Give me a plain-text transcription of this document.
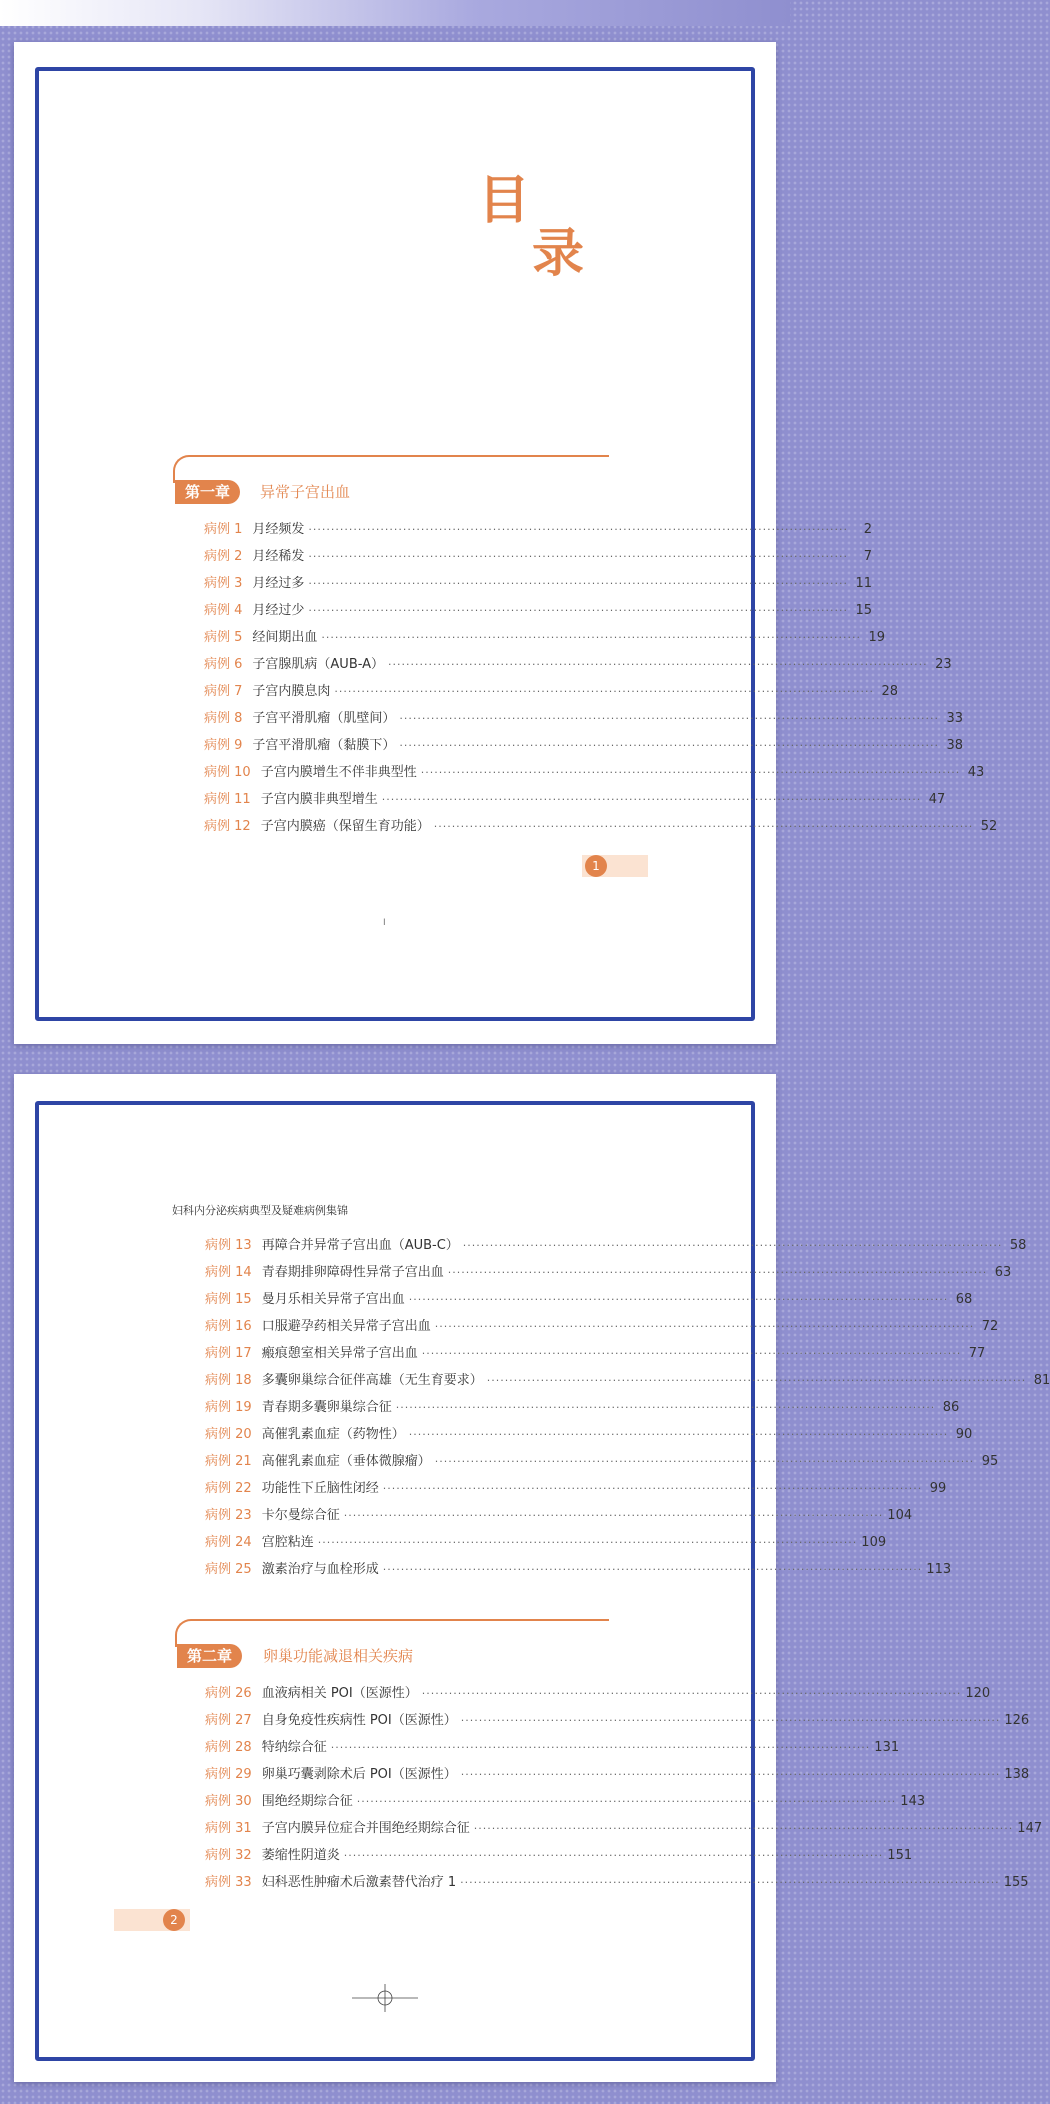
目
录
第一章	异常子宫出血
病例 1 月经频发 ························································································································	2
病例 2 月经稀发 ························································································································	7
病例 3 月经过多 ························································································································ 11
病例 4 月经过少 ························································································································ 15
病例 5 经间期出血 ························································································································ 19
病例 6 子宫腺肌病（AUB-A） ························································································································ 23
病例 7 子宫内膜息肉 ························································································································ 28
病例 8 子宫平滑肌瘤（肌壁间） ························································································································ 33
病例 9 子宫平滑肌瘤（黏膜下） ························································································································ 38
病例 10 子宫内膜增生不伴非典型性 ························································································································ 43
病例 11 子宫内膜非典型增生 ························································································································ 47
病例 12 子宫内膜癌（保留生育功能） ························································································································ 52
1
I
妇科内分泌疾病典型及疑难病例集锦
病例 13 再障合并异常子宫出血（AUB-C） ························································································································ 58
病例 14 青春期排卵障碍性异常子宫出血 ························································································································ 63
病例 15 曼月乐相关异常子宫出血 ························································································································ 68
病例 16 口服避孕药相关异常子宫出血 ························································································································ 72
病例 17 瘢痕憩室相关异常子宫出血 ························································································································ 77
病例 18 多囊卵巢综合征伴高雄（无生育要求） ························································································································ 81
病例 19 青春期多囊卵巢综合征 ························································································································ 86
病例 20 高催乳素血症（药物性） ························································································································ 90
病例 21 高催乳素血症（垂体微腺瘤） ························································································································ 95
病例 22 功能性下丘脑性闭经 ························································································································ 99
病例 23 卡尔曼综合征 ························································································································ 104
病例 24 宫腔粘连 ························································································································ 109
病例 25 激素治疗与血栓形成 ························································································································ 113
第二章	卵巢功能减退相关疾病
病例 26 血液病相关 POI（医源性） ························································································································ 120
病例 27 自身免疫性疾病性 POI（医源性） ························································································································ 126
病例 28 特纳综合征 ························································································································ 131
病例 29 卵巢巧囊剥除术后 POI（医源性） ························································································································ 138
病例 30 围绝经期综合征 ························································································································ 143
病例 31 子宫内膜异位症合并围绝经期综合征 ························································································································ 147
病例 32 萎缩性阴道炎 ························································································································ 151
病例 33 妇科恶性肿瘤术后激素替代治疗 1 ························································································································ 155
2
